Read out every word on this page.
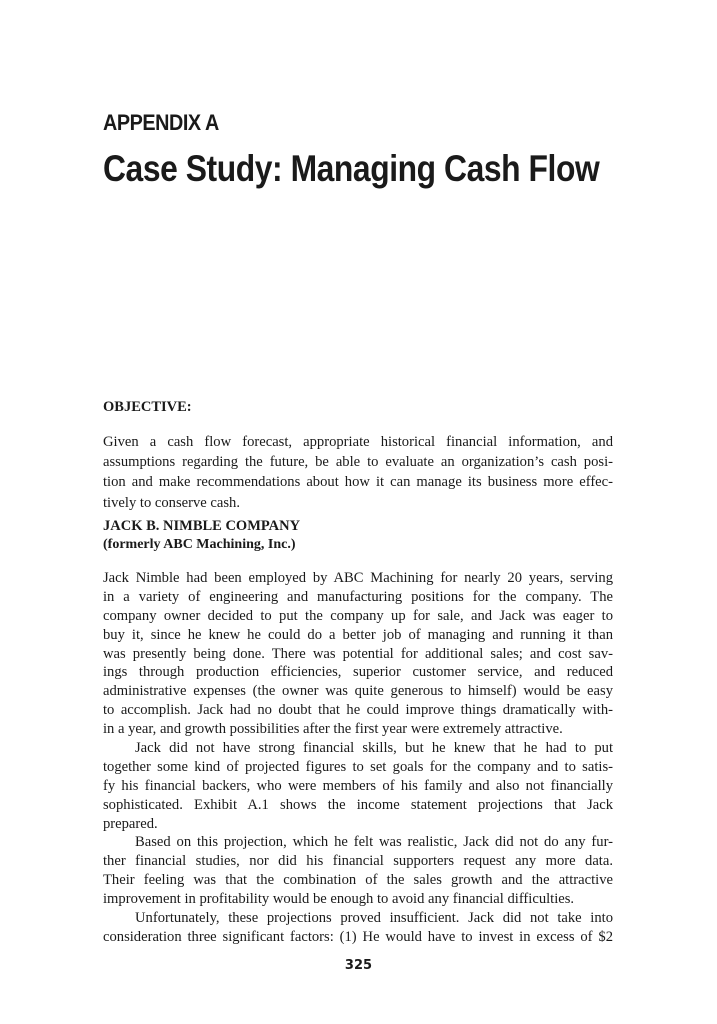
APPENDIX A
Case Study: Managing Cash Flow
OBJECTIVE:
Given a cash flow forecast, appropriate historical financial information, and
assumptions regarding the future, be able to evaluate an organization’s cash posi-
tion and make recommendations about how it can manage its business more effec-
tively to conserve cash.
JACK B. NIMBLE COMPANY
(formerly ABC Machining, Inc.)
Jack Nimble had been employed by ABC Machining for nearly 20 years, serving
in a variety of engineering and manufacturing positions for the company. The
company owner decided to put the company up for sale, and Jack was eager to
buy it, since he knew he could do a better job of managing and running it than
was presently being done. There was potential for additional sales; and cost sav-
ings through production efficiencies, superior customer service, and reduced
administrative expenses (the owner was quite generous to himself) would be easy
to accomplish. Jack had no doubt that he could improve things dramatically with-
in a year, and growth possibilities after the first year were extremely attractive.
Jack did not have strong financial skills, but he knew that he had to put
together some kind of projected figures to set goals for the company and to satis-
fy his financial backers, who were members of his family and also not financially
sophisticated. Exhibit A.1 shows the income statement projections that Jack
prepared.
Based on this projection, which he felt was realistic, Jack did not do any fur-
ther financial studies, nor did his financial supporters request any more data.
Their feeling was that the combination of the sales growth and the attractive
improvement in profitability would be enough to avoid any financial difficulties.
Unfortunately, these projections proved insufficient. Jack did not take into
consideration three significant factors: (1) He would have to invest in excess of $2
325
